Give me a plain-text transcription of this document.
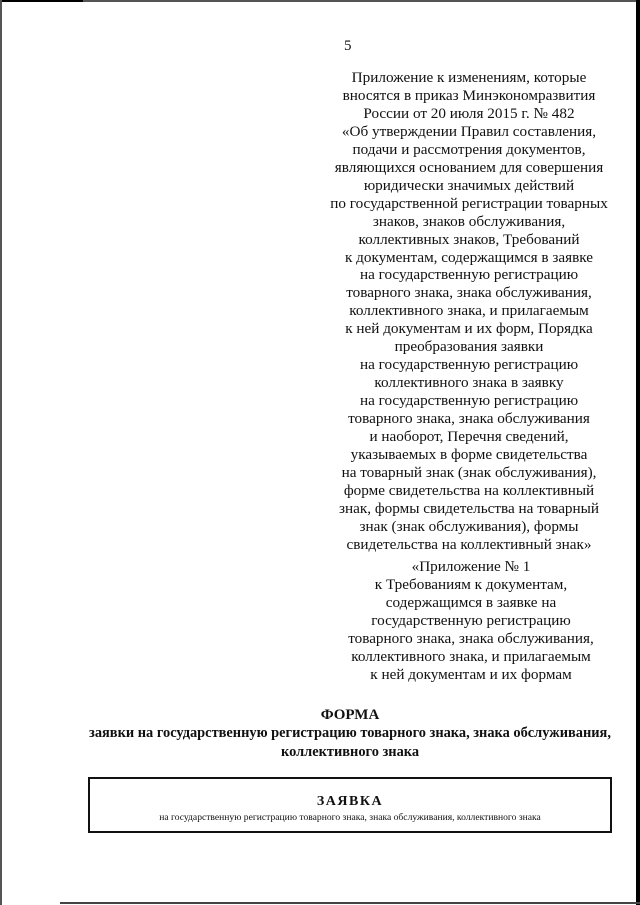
5
Приложение к изменениям, которые
вносятся в приказ Минэкономразвития
России от 20 июля 2015 г. № 482
«Об утверждении Правил составления,
подачи и рассмотрения документов,
являющихся основанием для совершения
юридически значимых действий
по государственной регистрации товарных
знаков, знаков обслуживания,
коллективных знаков, Требований
к документам, содержащимся в заявке
на государственную регистрацию
товарного знака, знака обслуживания,
коллективного знака, и прилагаемым
к ней документам и их форм, Порядка
преобразования заявки
на государственную регистрацию
коллективного знака в заявку
на государственную регистрацию
товарного знака, знака обслуживания
и наоборот, Перечня сведений,
указываемых в форме свидетельства
на товарный знак (знак обслуживания),
форме свидетельства на коллективный
знак, формы свидетельства на товарный
знак (знак обслуживания), формы
свидетельства на коллективный знак»
«Приложение № 1
к Требованиям к документам,
содержащимся в заявке на
государственную регистрацию
товарного знака, знака обслуживания,
коллективного знака, и прилагаемым
к ней документам и их формам
ФОРМА
заявки на государственную регистрацию товарного знака, знака обслуживания,
коллективного знака
ЗАЯВКА
на государственную регистрацию товарного знака, знака обслуживания, коллективного знака
